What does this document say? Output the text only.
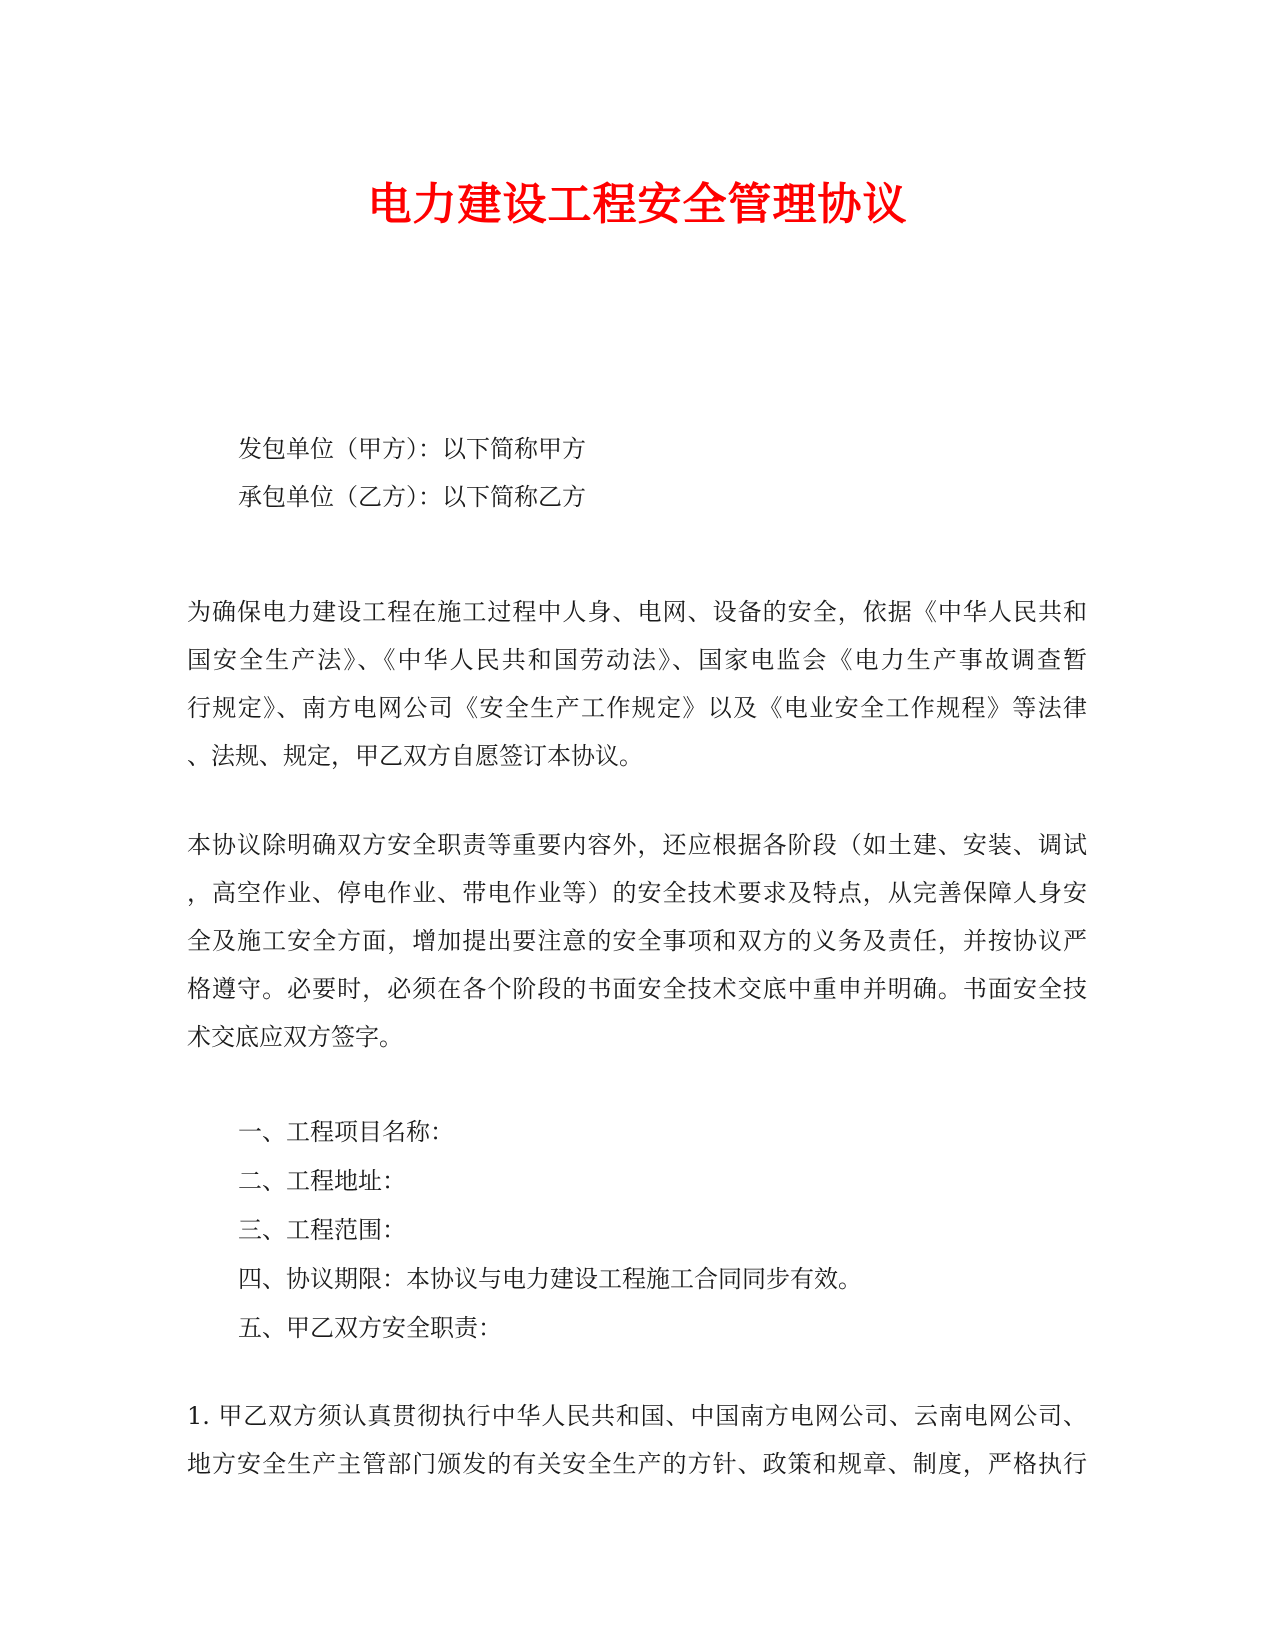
电力建设工程安全管理协议
发包单位（甲方）：以下简称甲方
承包单位（乙方）：以下简称乙方
为确保电力建设工程在施工过程中人身、电网、设备的安全，依据《中华人民共和
国安全生产法》、《中华人民共和国劳动法》、国家电监会《电力生产事故调查暂
行规定》、南方电网公司《安全生产工作规定》以及《电业安全工作规程》等法律
、法规、规定，甲乙双方自愿签订本协议。
本协议除明确双方安全职责等重要内容外，还应根据各阶段（如土建、安装、调试
，高空作业、停电作业、带电作业等）的安全技术要求及特点，从完善保障人身安
全及施工安全方面，增加提出要注意的安全事项和双方的义务及责任，并按协议严
格遵守。必要时，必须在各个阶段的书面安全技术交底中重申并明确。书面安全技
术交底应双方签字。
一、工程项目名称：
二、工程地址：
三、工程范围：
四、协议期限：本协议与电力建设工程施工合同同步有效。
五、甲乙双方安全职责：
1. 甲乙双方须认真贯彻执行中华人民共和国、中国南方电网公司、云南电网公司、
地方安全生产主管部门颁发的有关安全生产的方针、政策和规章、制度，严格执行
